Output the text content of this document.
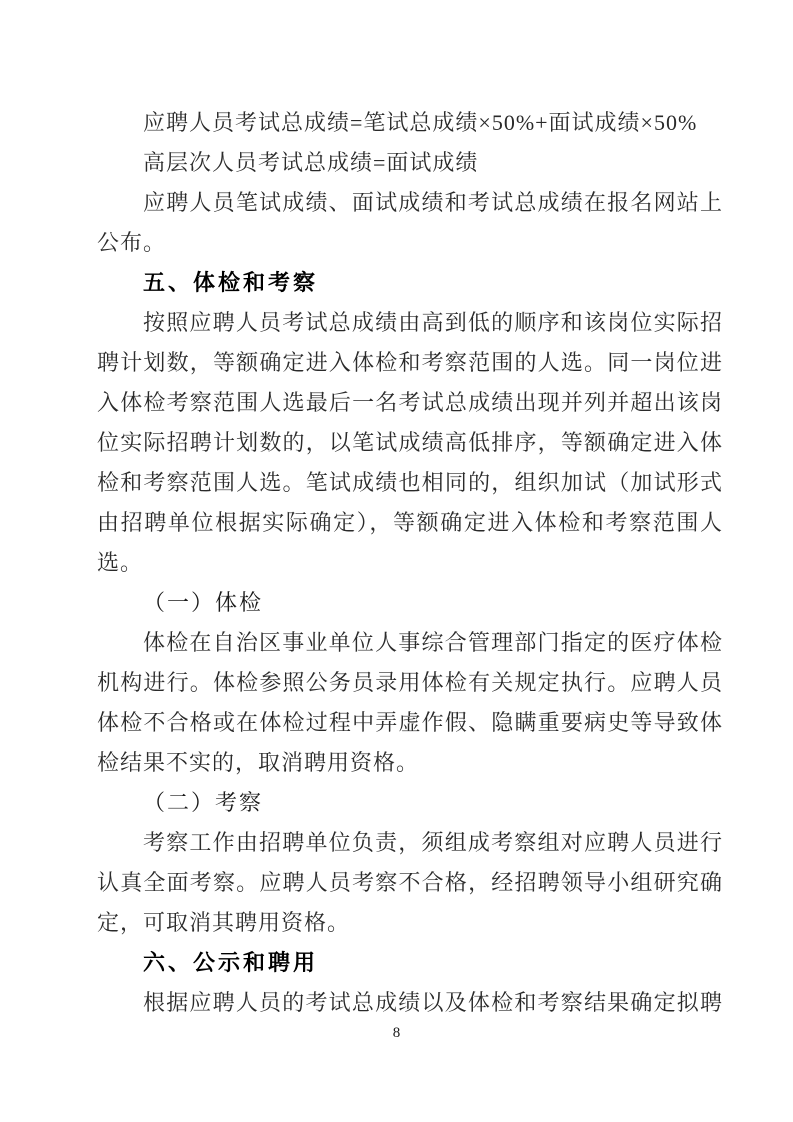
应聘人员考试总成绩=笔试总成绩×50%+面试成绩×50%
高层次人员考试总成绩=面试成绩
应聘人员笔试成绩、面试成绩和考试总成绩在报名网站上
公布。
五、体检和考察
按照应聘人员考试总成绩由高到低的顺序和该岗位实际招
聘计划数，等额确定进入体检和考察范围的人选。同一岗位进
入体检考察范围人选最后一名考试总成绩出现并列并超出该岗
位实际招聘计划数的，以笔试成绩高低排序，等额确定进入体
检和考察范围人选。笔试成绩也相同的，组织加试（加试形式
由招聘单位根据实际确定），等额确定进入体检和考察范围人
选。
（一）体检
体检在自治区事业单位人事综合管理部门指定的医疗体检
机构进行。体检参照公务员录用体检有关规定执行。应聘人员
体检不合格或在体检过程中弄虚作假、隐瞒重要病史等导致体
检结果不实的，取消聘用资格。
（二）考察
考察工作由招聘单位负责，须组成考察组对应聘人员进行
认真全面考察。应聘人员考察不合格，经招聘领导小组研究确
定，可取消其聘用资格。
六、公示和聘用
根据应聘人员的考试总成绩以及体检和考察结果确定拟聘
8
